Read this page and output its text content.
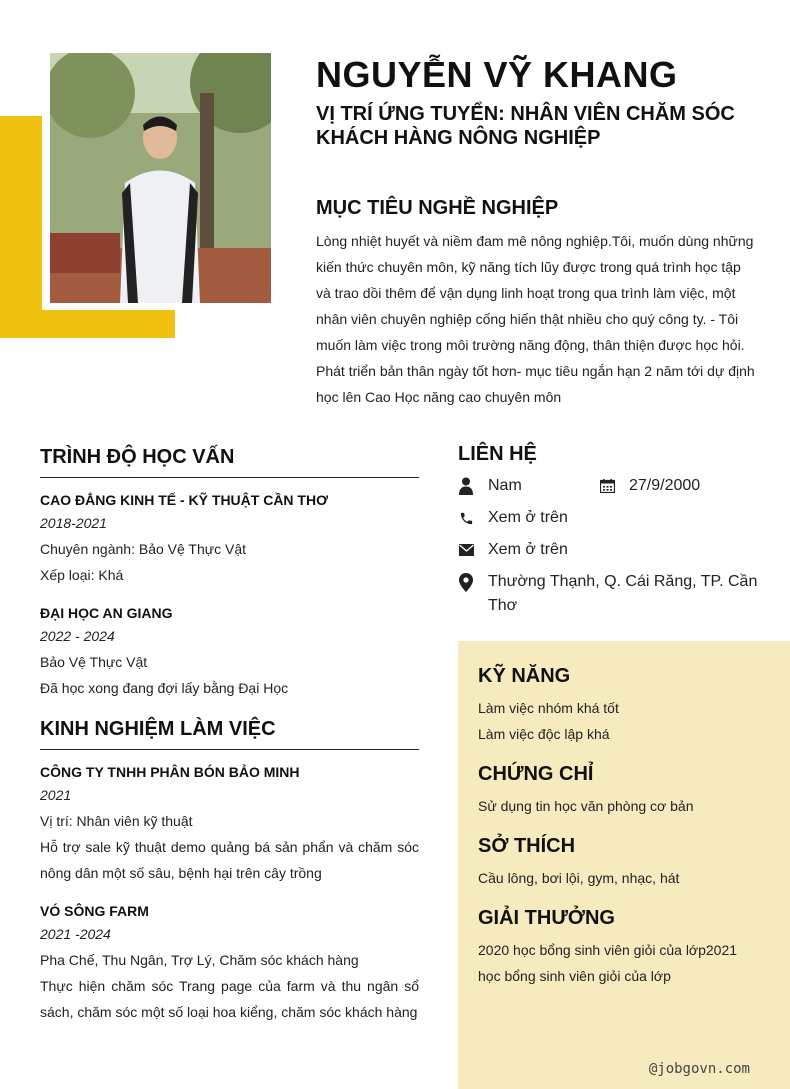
NGUYỄN VỸ KHANG
VỊ TRÍ ỨNG TUYỂN: NHÂN VIÊN CHĂM SÓC KHÁCH HÀNG NÔNG NGHIỆP
MỤC TIÊU NGHỀ NGHIỆP
Lòng nhiệt huyết và niềm đam mê nông nghiệp.Tôi, muốn dùng những kiến thức chuyên môn, kỹ năng tích lũy được trong quá trình học tập và trao dồi thêm để vận dụng linh hoạt trong qua trình làm việc, một nhân viên chuyên nghiệp cống hiến thật nhiều cho quý công ty. - Tôi muốn làm việc trong môi trường năng động, thân thiện được học hỏi. Phát triển bản thân ngày tốt hơn- mục tiêu ngắn hạn 2 năm tới dự định học lên Cao Học năng cao chuyên môn
TRÌNH ĐỘ HỌC VẤN
CAO ĐẲNG KINH TẾ - KỸ THUẬT CẦN THƠ
2018-2021
Chuyên ngành: Bảo Vệ Thực Vật
Xếp loại: Khá
ĐẠI HỌC AN GIANG
2022 - 2024
Bảo Vệ Thực Vật
Đã học xong đang đợi lấy bằng Đại Học
KINH NGHIỆM LÀM VIỆC
CÔNG TY TNHH PHÂN BÓN BẢO MINH
2021
Vị trí: Nhân viên kỹ thuật
Hỗ trợ sale kỹ thuật demo quảng bá sản phẩn và chăm sóc nông dân một số sâu, bệnh hại trên cây trồng
VÓ SÔNG FARM
2021 -2024
Pha Chế, Thu Ngân, Trợ Lý, Chăm sóc khách hàng
Thực hiện chăm sóc Trang page của farm và thu ngân sổ sách, chăm sóc một số loại hoa kiểng, chăm sóc khách hàng
LIÊN HỆ
Nam	27/9/2000
Xem ở trên
Xem ở trên
Thường Thạnh, Q. Cái Răng, TP. Cần Thơ
KỸ NĂNG
Làm việc nhóm khá tốt
Làm việc độc lập khá
CHỨNG CHỈ
Sử dụng tin học văn phòng cơ bản
SỞ THÍCH
Cầu lông, bơi lội, gym, nhạc, hát
GIẢI THƯỞNG
2020 học bổng sinh viên giỏi của lớp2021
học bổng sinh viên giỏi của lớp
@jobgovn.com
